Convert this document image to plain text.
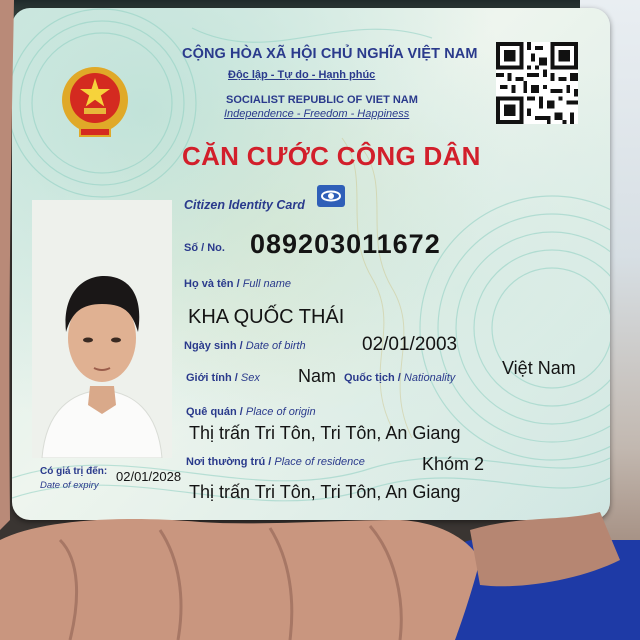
CỘNG HÒA XÃ HỘI CHỦ NGHĨA VIỆT NAM
Độc lập - Tự do - Hạnh phúc
SOCIALIST REPUBLIC OF VIET NAM
Independence - Freedom - Happiness
CĂN CƯỚC CÔNG DÂN
Citizen Identity Card
Số / No. 089203011672
Họ và tên / Full name
KHA QUỐC THÁI
Ngày sinh / Date of birth	02/01/2003
Giới tính / Sex Nam Quốc tịch / Nationality	Việt Nam
Quê quán / Place of origin
Thị trấn Tri Tôn, Tri Tôn, An Giang
Nơi thường trú / Place of residence	Khóm 2
Thị trấn Tri Tôn, Tri Tôn, An Giang
Có giá trị đến:
Date of expiry
02/01/2028
